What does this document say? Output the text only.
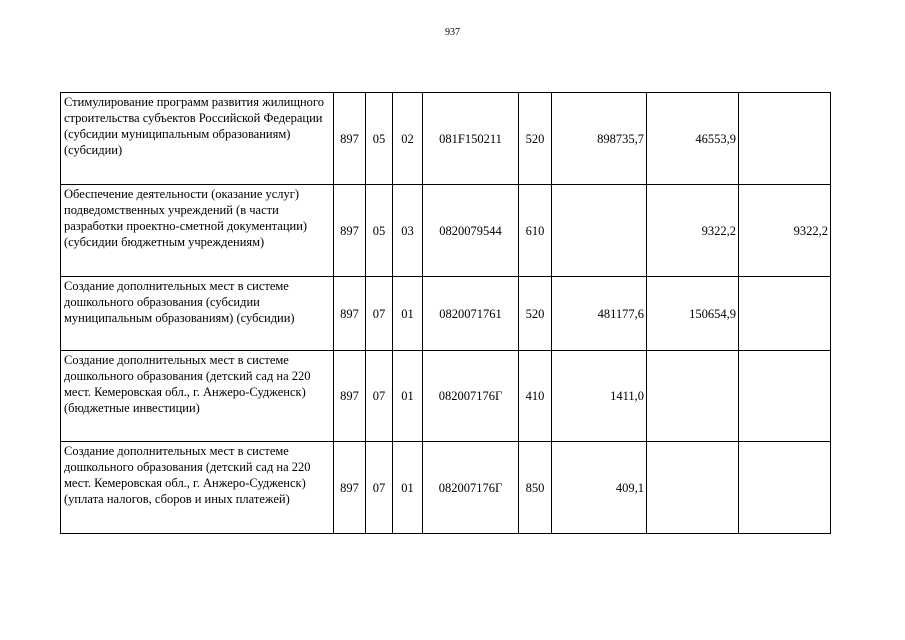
937
Стимулирование программ развития жилищного строительства субъектов Российской Федерации (субсидии муниципальным образованиям) (субсидии)	897	05	02	081F150211	520	898735,7	46553,9	
Обеспечение деятельности (оказание услуг) подведомственных учреждений (в части разработки проектно-сметной документации) (субсидии бюджетным учреждениям)	897	05	03	0820079544	610		9322,2	9322,2
Создание дополнительных мест в системе дошкольного образования (субсидии муниципальным образованиям) (субсидии)	897	07	01	0820071761	520	481177,6	150654,9	
Создание дополнительных мест в системе дошкольного образования (детский сад на 220 мест. Кемеровская обл., г. Анжеро-Судженск) (бюджетные инвестиции)	897	07	01	082007176Г	410	1411,0		
Создание дополнительных мест в системе дошкольного образования (детский сад на 220 мест. Кемеровская обл., г. Анжеро-Судженск) (уплата налогов, сборов и иных платежей)	897	07	01	082007176Г	850	409,1		
